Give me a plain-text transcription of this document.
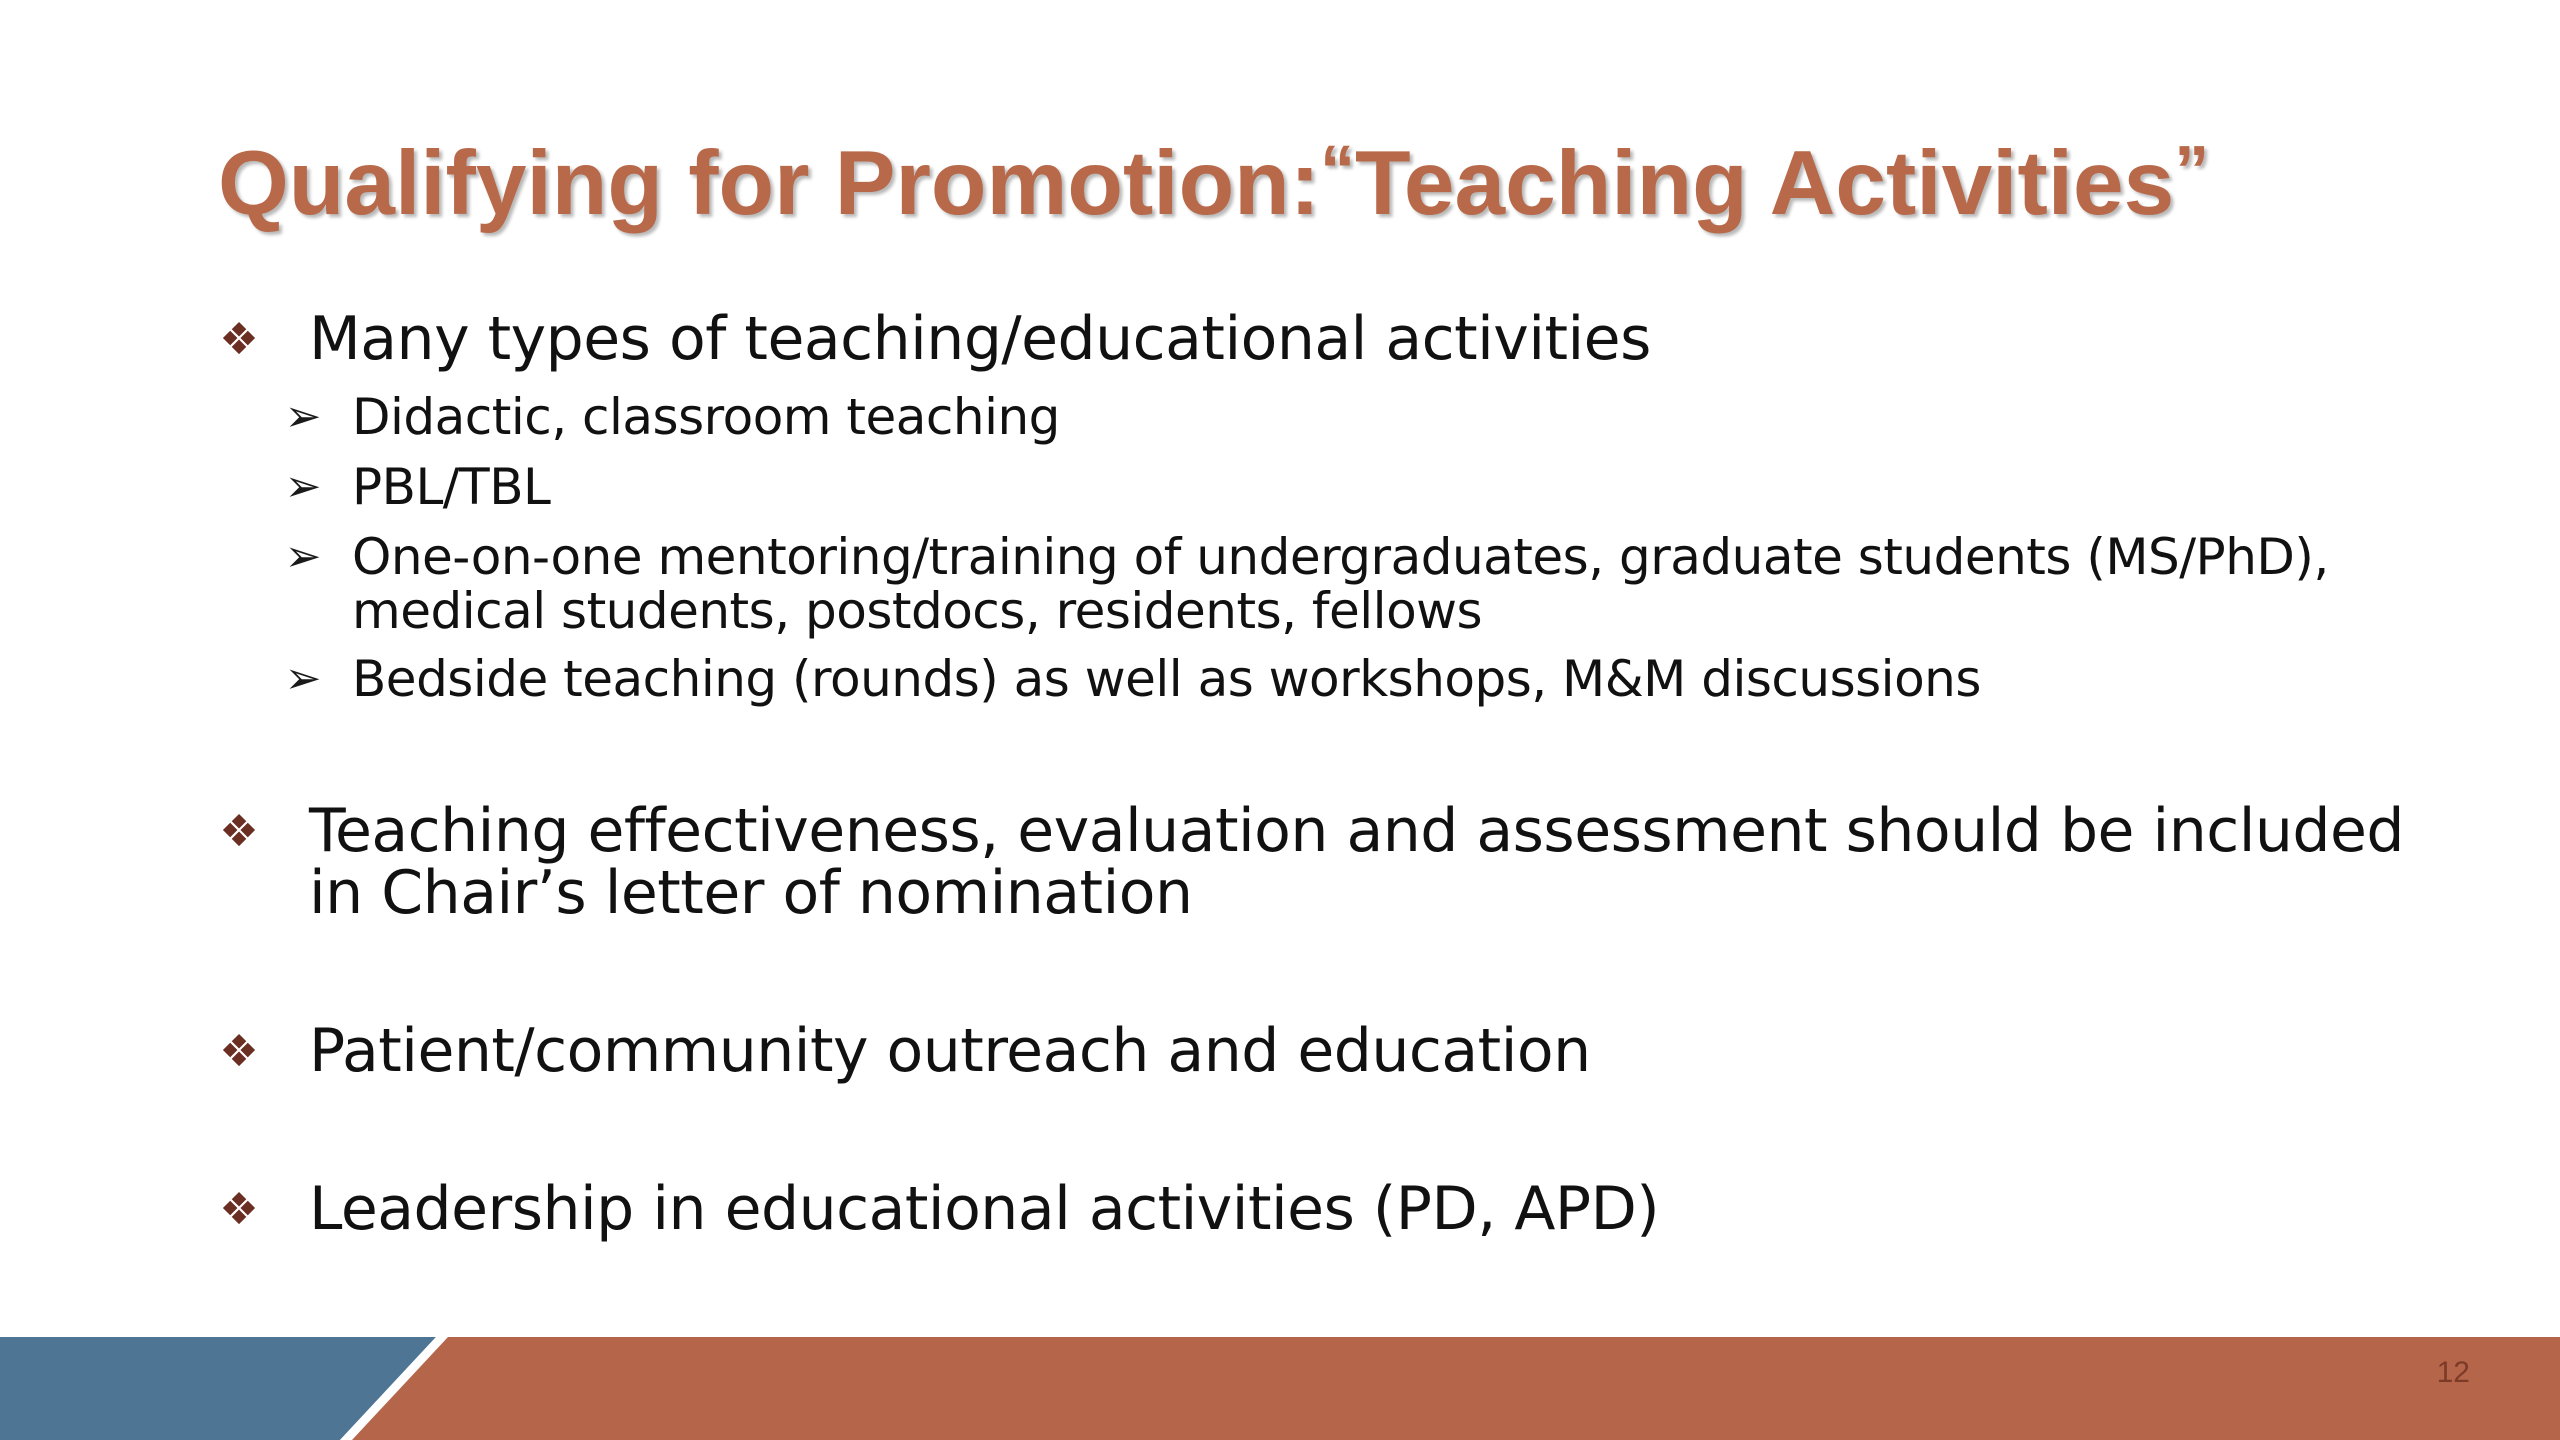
Qualifying for Promotion:“Teaching Activities”
❖ Many types of teaching/educational activities
➢ Didactic, classroom teaching
➢ PBL/TBL
➢ One-on-one mentoring/training of undergraduates, graduate students (MS/PhD), medical students, postdocs, residents, fellows
➢ Bedside teaching (rounds) as well as workshops, M&M discussions
❖ Teaching effectiveness, evaluation and assessment should be included in Chair’s letter of nomination
❖ Patient/community outreach and education
❖ Leadership in educational activities (PD, APD)
12
